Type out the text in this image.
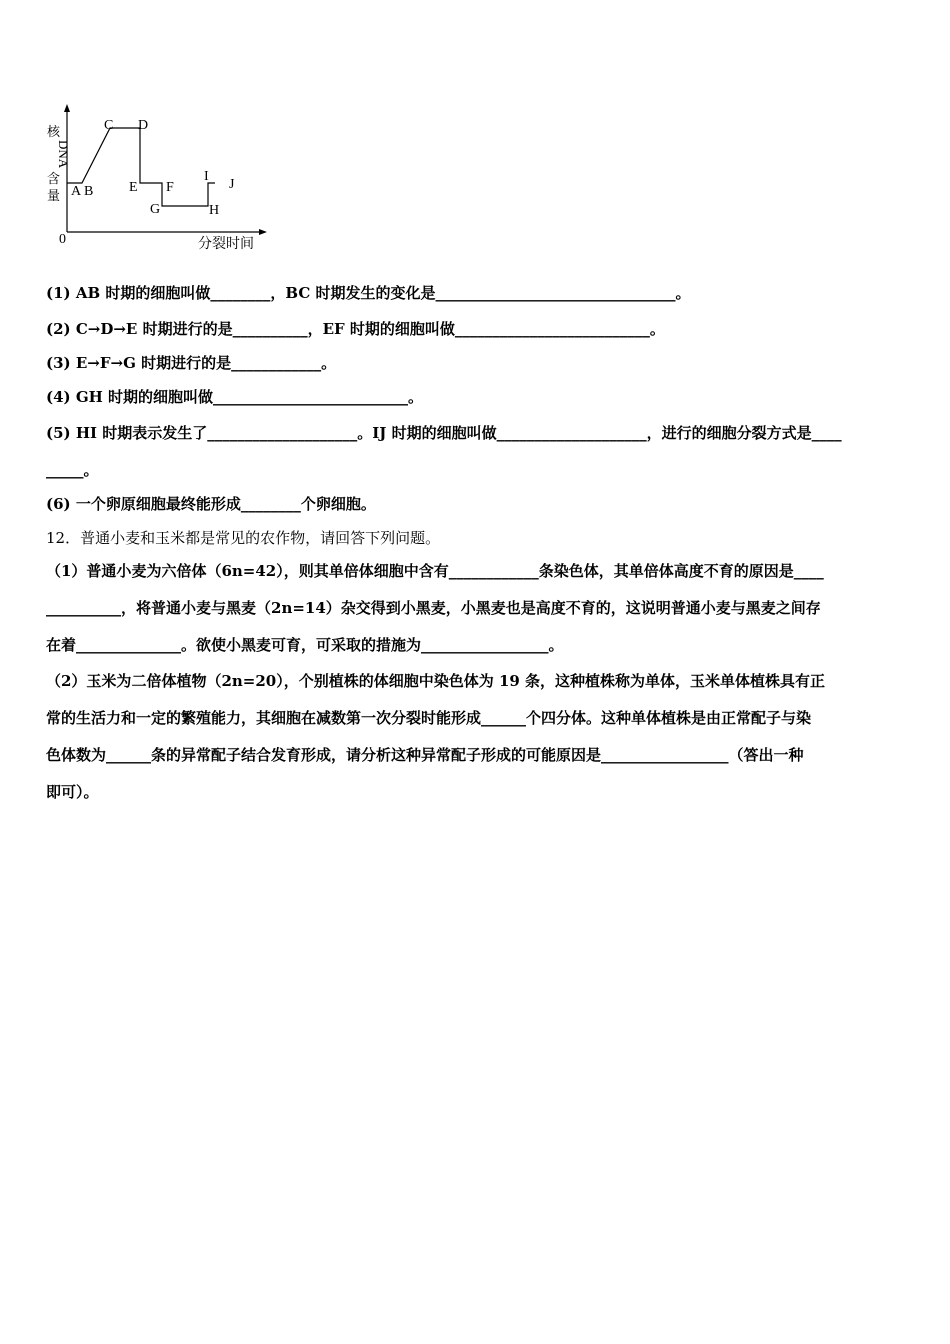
核
DNA
含
量
0	分裂时间
A B
C D
E F
G	H
I
J
(1) AB 时期的细胞叫做________，BC 时期发生的变化是________________________________。
(2) C→D→E 时期进行的是__________，EF 时期的细胞叫做__________________________。
(3) E→F→G 时期进行的是____________。
(4) GH 时期的细胞叫做__________________________。
(5) HI 时期表示发生了____________________。IJ 时期的细胞叫做____________________，进行的细胞分裂方式是____
_____。
(6) 一个卵原细胞最终能形成________个卵细胞。
12．普通小麦和玉米都是常见的农作物，请回答下列问题。
（1）普通小麦为六倍体（6n=42），则其单倍体细胞中含有____________条染色体，其单倍体高度不育的原因是____
__________，将普通小麦与黑麦（2n=14）杂交得到小黑麦，小黑麦也是高度不育的，这说明普通小麦与黑麦之间存
在着______________。欲使小黑麦可育，可采取的措施为_________________。
（2）玉米为二倍体植物（2n=20），个别植株的体细胞中染色体为 19 条，这种植株称为单体，玉米单体植株具有正
常的生活力和一定的繁殖能力，其细胞在减数第一次分裂时能形成______个四分体。这种单体植株是由正常配子与染
色体数为______条的异常配子结合发育形成，请分析这种异常配子形成的可能原因是_________________（答出一种
即可）。
